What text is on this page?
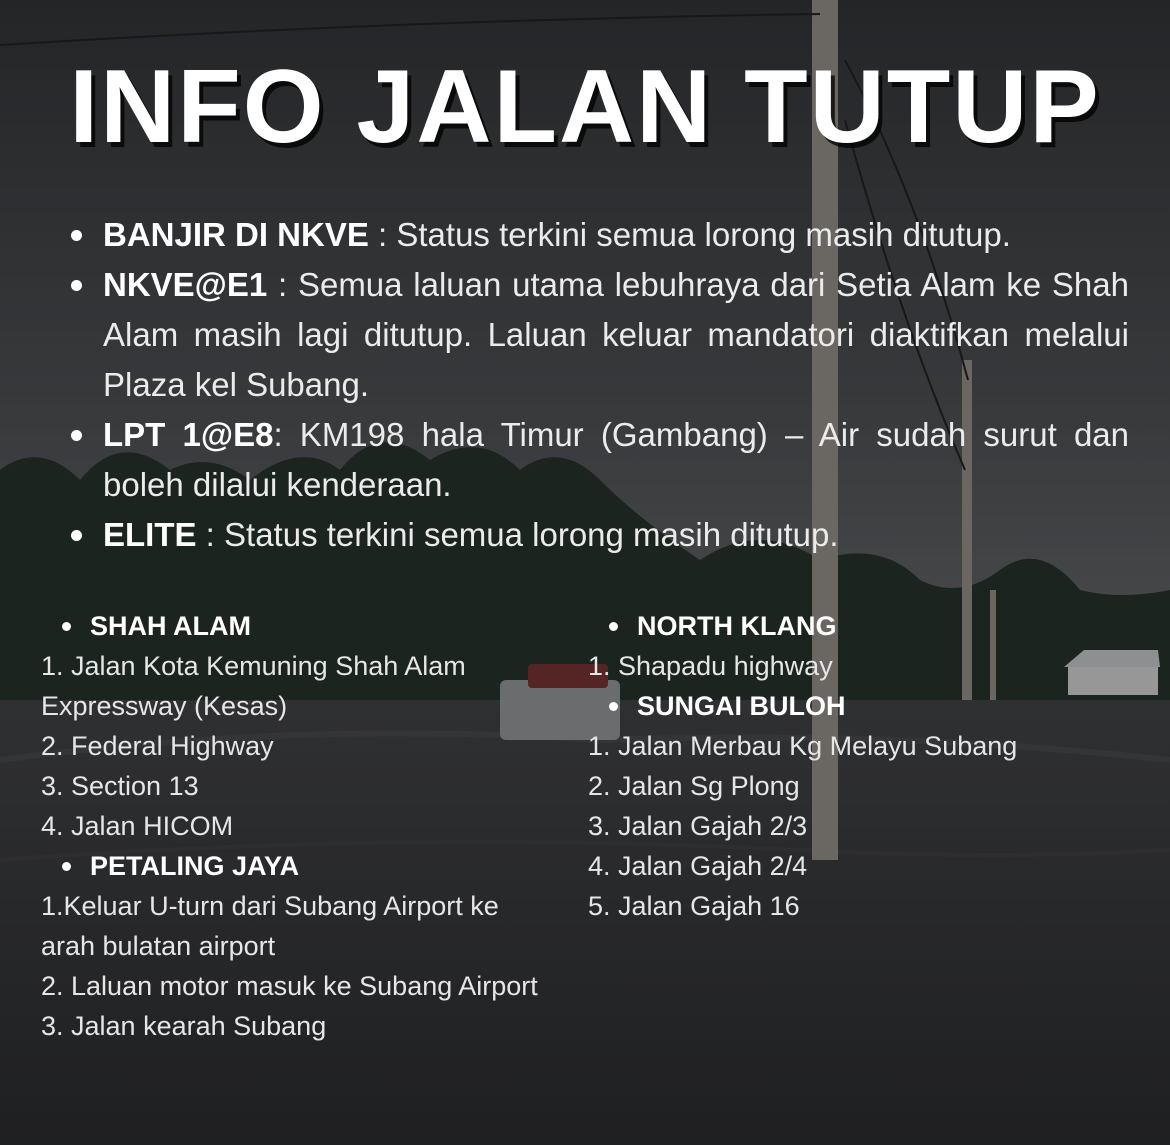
INFO JALAN TUTUP
BANJIR DI NKVE : Status terkini semua lorong masih ditutup.
NKVE@E1 : Semua laluan utama lebuhraya dari Setia Alam ke Shah Alam masih lagi ditutup. Laluan keluar mandatori diaktifkan melalui Plaza kel Subang.
LPT 1@E8: KM198 hala Timur (Gambang) – Air sudah surut dan boleh dilalui kenderaan.
ELITE : Status terkini semua lorong masih ditutup.
SHAH ALAM

1. Jalan Kota Kemuning Shah Alam Expressway (Kesas)

2. Federal Highway

3. Section 13

4. Jalan HICOM

PETALING JAYA

1.Keluar U-turn dari Subang Airport ke arah bulatan airport

2. Laluan motor masuk ke Subang Airport

3. Jalan kearah Subang

NORTH KLANG

1. Shapadu highway

SUNGAI BULOH

1. Jalan Merbau Kg Melayu Subang

2. Jalan Sg Plong

3. Jalan Gajah 2/3

4. Jalan Gajah 2/4

5. Jalan Gajah 16
